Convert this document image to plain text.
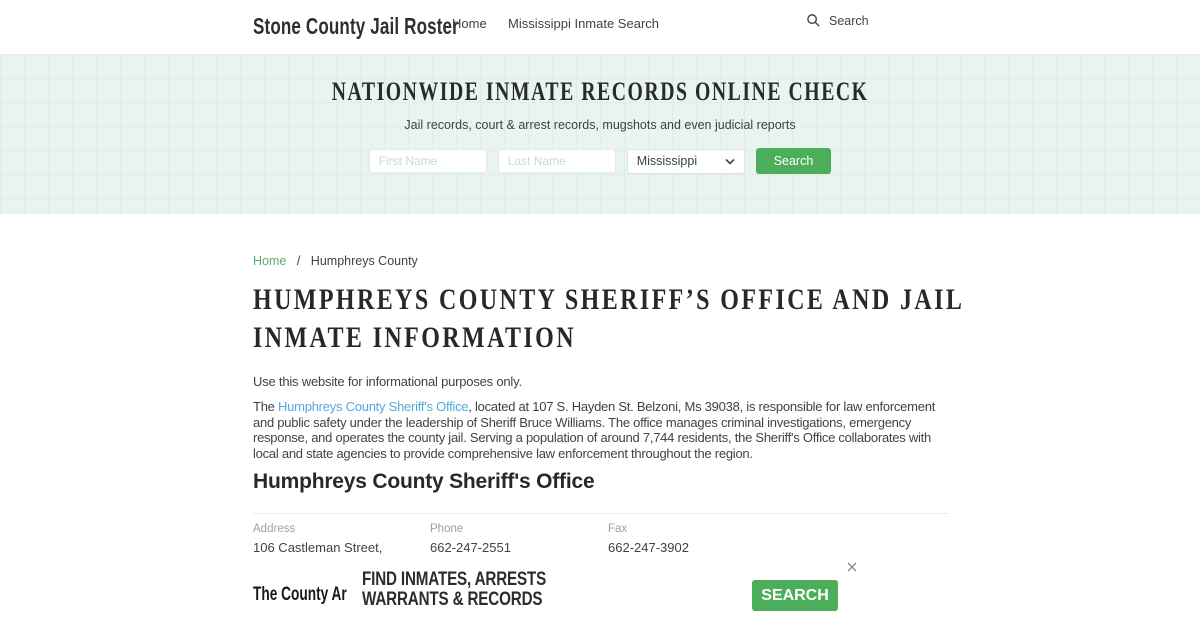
Stone County Jail Roster
Home Mississippi Inmate Search	Search
NATIONWIDE INMATE RECORDS ONLINE CHECK
Jail records, court & arrest records, mugshots and even judicial reports
First Name
Last Name
Mississippi	Search
Home / Humphreys County
HUMPHREYS COUNTY SHERIFF’S OFFICE AND JAIL
INMATE INFORMATION

Use this website for informational purposes only.

The Humphreys County Sheriff's Office, located at 107 S. Hayden St. Belzoni, Ms 39038, is responsible for law enforcement and public safety under the leadership of Sheriff Bruce Williams. The office manages criminal investigations, emergency response, and operates the county jail. Serving a population of around 7,744 residents, the Sheriff's Office collaborates with local and state agencies to provide comprehensive law enforcement throughout the region.

Humphreys County Sheriff's Office
Address
106 Castleman Street,
Phone
662-247-2551
Fax
662-247-3902
The County Ar
FIND INMATES, ARRESTS
WARRANTS & RECORDS	SEARCH
